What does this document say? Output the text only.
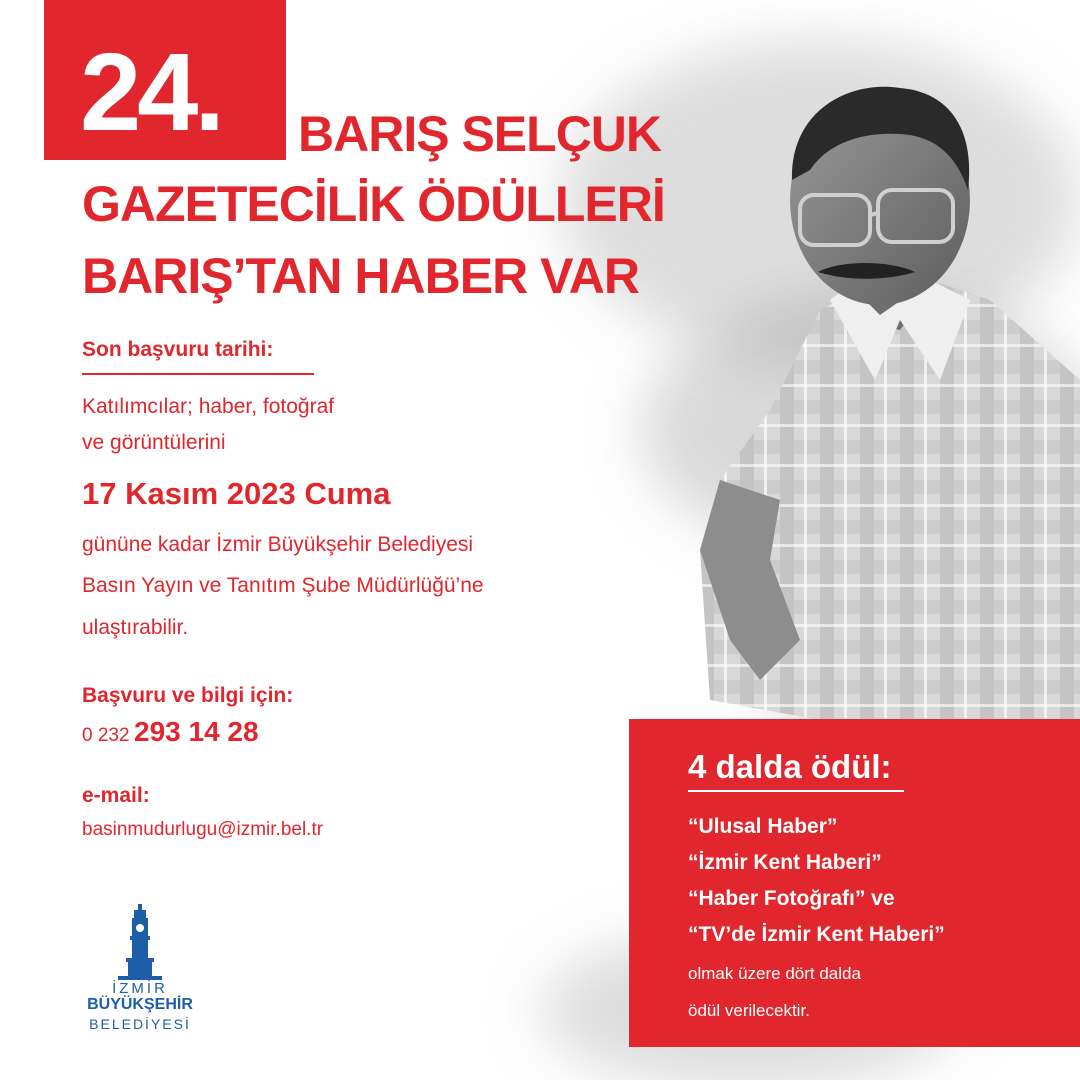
24. BARIŞ SELÇUK
GAZETECİLİK ÖDÜLLERİ
BARIŞ’TAN HABER VAR
Son başvuru tarihi:
Katılımcılar; haber, fotoğraf
ve görüntülerini
17 Kasım 2023 Cuma
gününe kadar İzmir Büyükşehir Belediyesi
Basın Yayın ve Tanıtım Şube Müdürlüğü’ne
ulaştırabilir.
Başvuru ve bilgi için:
0 232 293 14 28
e-mail:
basinmudurlugu@izmir.bel.tr
4 dalda ödül:
“Ulusal Haber”
“İzmir Kent Haberi”
“Haber Fotoğrafı” ve
“TV’de İzmir Kent Haberi”
olmak üzere dört dalda
ödül verilecektir.
İZMİR
BÜYÜKŞEHİR
BELEDİYESİ
